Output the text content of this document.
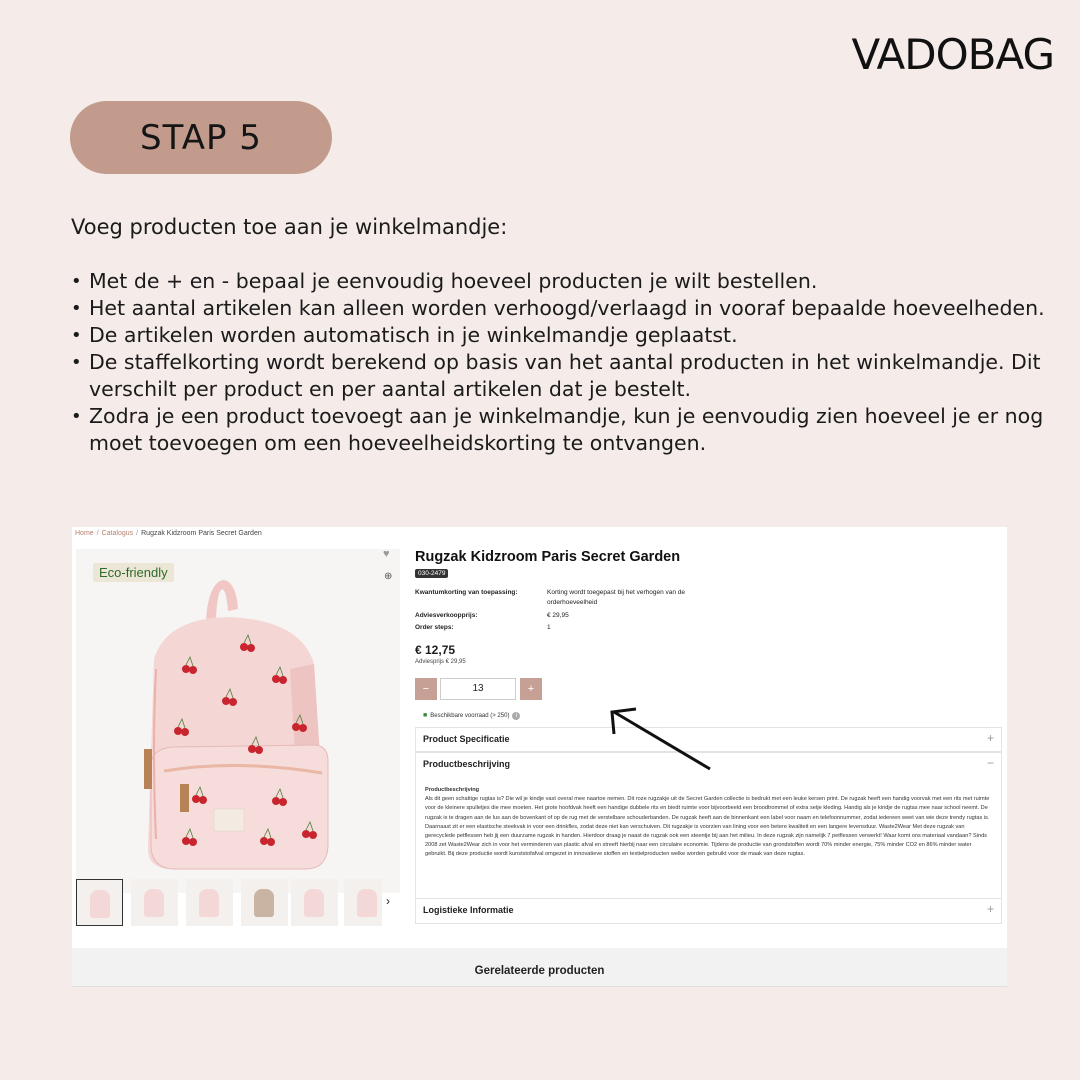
VADOBAG
STAP 5
Voeg producten toe aan je winkelmandje:
• Met de + en - bepaal je eenvoudig hoeveel producten je wilt bestellen.
• Het aantal artikelen kan alleen worden verhoogd/verlaagd in vooraf bepaalde hoeveelheden.
• De artikelen worden automatisch in je winkelmandje geplaatst.
• De staffelkorting wordt berekend op basis van het aantal producten in het winkelmandje. Dit verschilt per product en per aantal artikelen dat je bestelt.
• Zodra je een product toevoegt aan je winkelmandje, kun je eenvoudig zien hoeveel je er nog moet toevoegen om een hoeveelheidskorting te ontvangen.
Home / Catalogus / Rugzak Kidzroom Paris Secret Garden
Eco-friendly
♥
⊕
›
Rugzak Kidzroom Paris Secret Garden
030-2479
Kwantumkorting van toepassing:	Korting wordt toegepast bij het verhogen van de
orderhoeveelheid
Adviesverkoopprijs:	€ 29,95
Order steps:	1
€ 12,75
Adviesprijs € 29,95
−	13	+
■ Beschikbare voorraad (> 250) i
Product Specificatie	+
Productbeschrijving	−
Productbeschrijving
Als dit geen schattige rugtas is? Die wil je kindje vast overal mee naartoe nemen. Dit roze rugzakje uit de Secret Garden collectie is bedrukt met een leuke kersen print. De rugzak heeft een handig voorvak met een rits met ruimte voor de kleinere spulletjes die mee moeten. Het grote hoofdvak heeft een handige dubbele rits en biedt ruimte voor bijvoorbeeld een broodtrommel of extra setje kleding. Handig als je kindje de rugtas mee naar school neemt. De rugzak is te dragen aan de lus aan de bovenkant of op de rug met de verstelbare schouderbanden. De rugzak heeft aan de binnenkant een label voor naam en telefoonnummer, zodat iedereen weet van wie deze trendy rugtas is. Daarnaast zit er een elastische steekvak in voor een drinkfles, zodat deze niet kan verschuiven. Dit rugzakje is voorzien van lining voor een betere kwaliteit en een langere levensduur. Waste2Wear Met deze rugzak van gerecyclede petflessen heb jij een duurzame rugzak in handen. Hierdoor draag je naast de rugzak ook een steentje bij aan het milieu. In deze rugzak zijn namelijk 7 petflessen verwerkt! Waar komt ons materiaal vandaan? Sinds 2008 zet Waste2Wear zich in voor het verminderen van plastic afval en streeft hierbij naar een circulaire economie. Tijdens de productie van grondstoffen wordt 70% minder energie, 75% minder CO2 en 86% minder water gebruikt. Bij deze productie wordt kunststofafval omgezet in innovatieve stoffen en textielproducten welke worden gebruikt voor de maak van deze rugtas.
Logistieke Informatie	+
Gerelateerde producten
